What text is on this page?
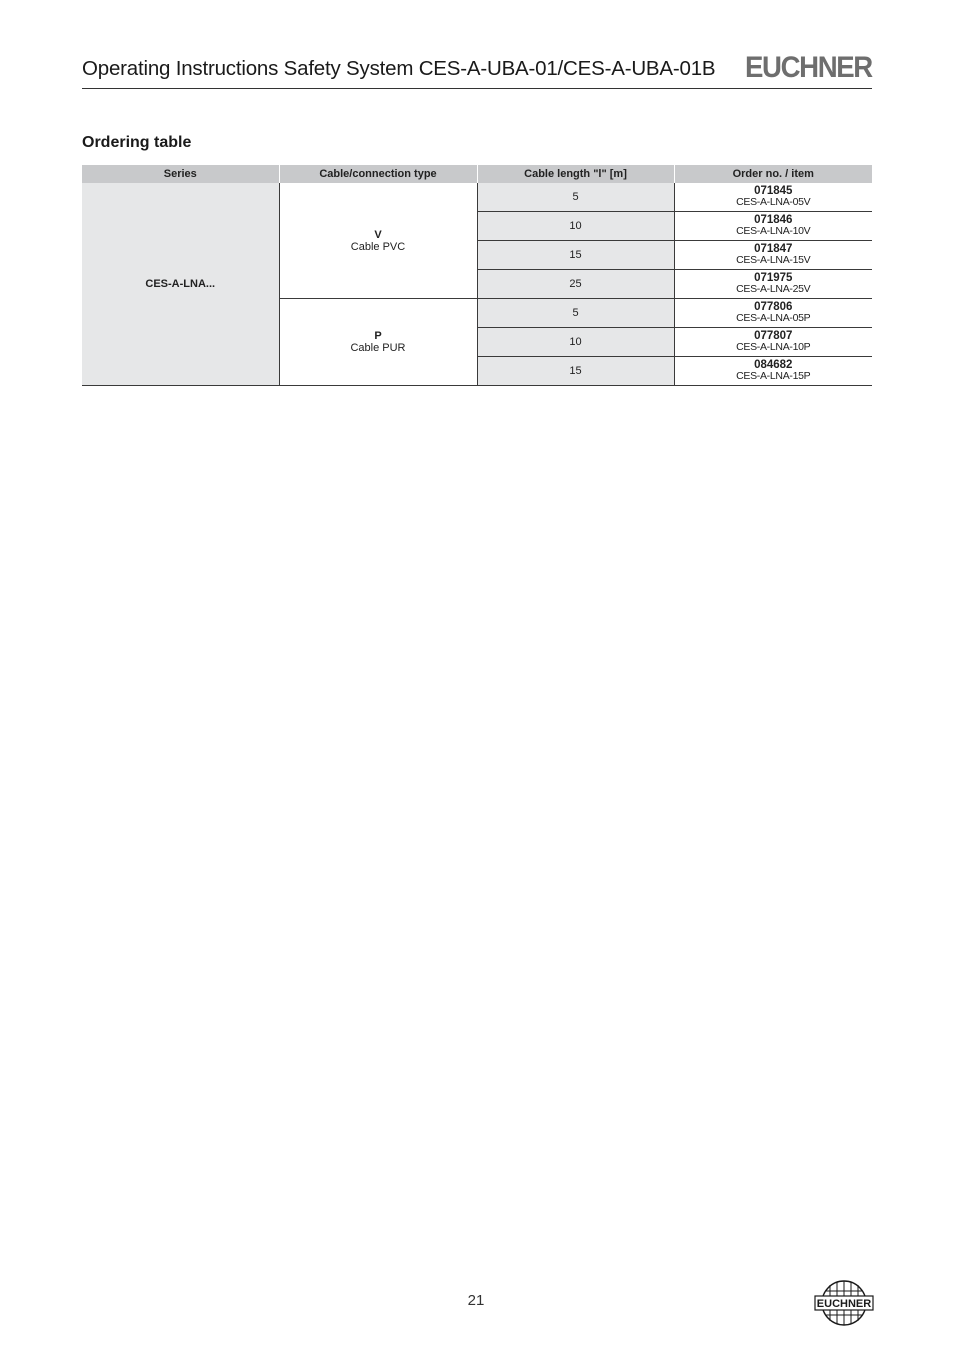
Operating Instructions Safety System CES-A-UBA-01/CES-A-UBA-01B EUCHNER
Ordering table
Series	Cable/connection type	Cable length "l" [m]	Order no. / item
CES-A-LNA...	V
Cable PVC	5	071845
CES-A-LNA-05V

		10	071846
CES-A-LNA-10V

		15	071847
CES-A-LNA-15V

		25	071975
CES-A-LNA-25V

	P
Cable PUR	5	077806
CES-A-LNA-05P

		10	077807
CES-A-LNA-10P

		15	084682
CES-A-LNA-15P
21	EUCHNER
